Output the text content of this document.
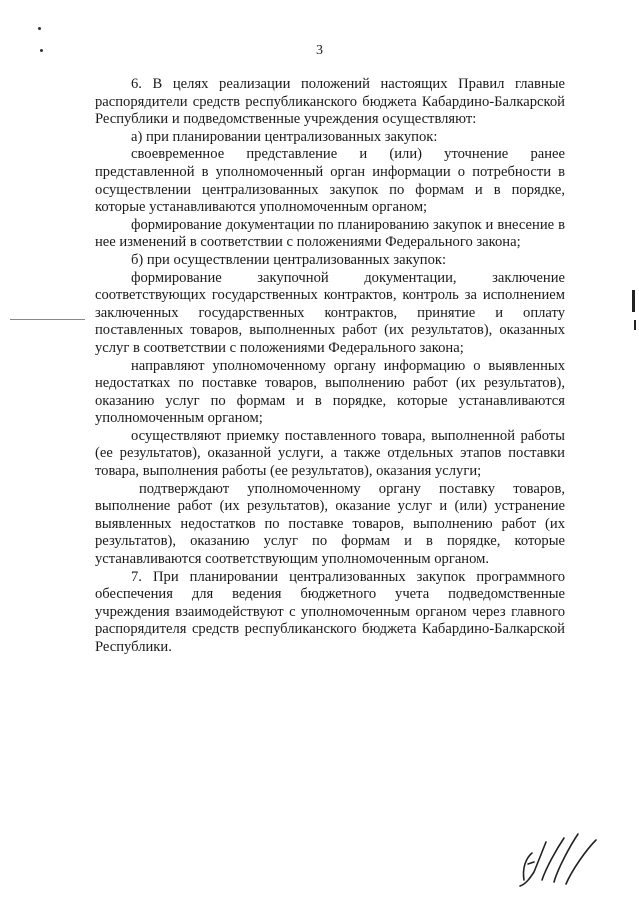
3

6. В целях реализации положений настоящих Правил главные распорядители средств республиканского бюджета Кабардино-Балкарской Республики и подведомственные учреждения осуществляют:

а) при планировании централизованных закупок:

своевременное представление и (или) уточнение ранее представленной в уполномоченный орган информации о потребности в осуществлении централизованных закупок по формам и в порядке, которые устанавливаются уполномоченным органом;

формирование документации по планированию закупок и внесение в нее изменений в соответствии с положениями Федерального закона;

б) при осуществлении централизованных закупок:

формирование закупочной документации, заключение соответствующих государственных контрактов, контроль за исполнением заключенных государственных контрактов, принятие и оплату поставленных товаров, выполненных работ (их результатов), оказанных услуг в соответствии с положениями Федерального закона;

направляют уполномоченному органу информацию о выявленных недостатках по поставке товаров, выполнению работ (их результатов), оказанию услуг по формам и в порядке, которые устанавливаются уполномоченным органом;

осуществляют приемку поставленного товара, выполненной работы (ее результатов), оказанной услуги, а также отдельных этапов поставки товара, выполнения работы (ее результатов), оказания услуги;

подтверждают уполномоченному органу поставку товаров, выполнение работ (их результатов), оказание услуг и (или) устранение выявленных недостатков по поставке товаров, выполнению работ (их результатов), оказанию услуг по формам и в порядке, которые устанавливаются соответствующим уполномоченным органом.

7. При планировании централизованных закупок программного обеспечения для ведения бюджетного учета подведомственные учреждения взаимодействуют с уполномоченным органом через главного распорядителя средств республиканского бюджета Кабардино-Балкарской Республики.
